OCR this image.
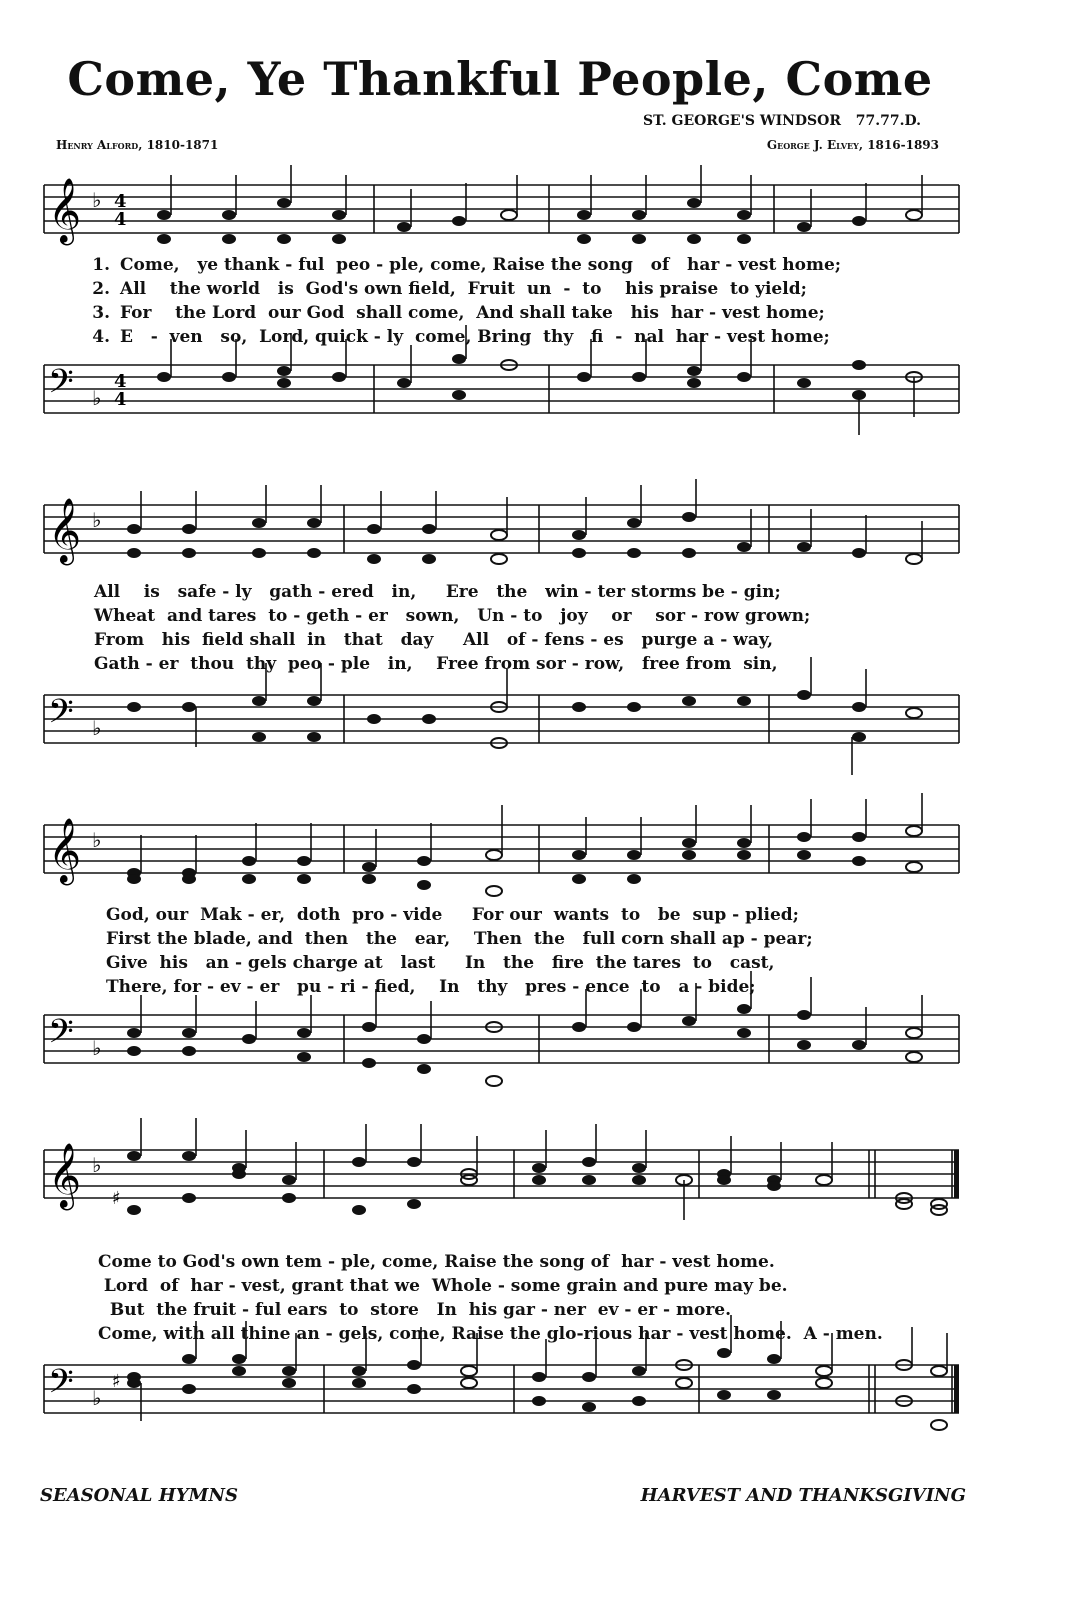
Come, Ye Thankful People, Come
ST. GEORGE'S WINDSOR 77.77.D.
Henry Alford, 1810-1871	George J. Elvey, 1816-1893
𝄞 ♭ 4
4
1. Come,   ye thank - ful  peo - ple, come, Raise the song   of   har - vest home;
2. All    the world   is  God's own field,  Fruit  un  -  to    his praise  to yield;
3. For    the Lord  our God  shall come,  And shall take   his  har - vest home;
4. E   -  ven   so,  Lord, quick - ly  come, Bring  thy   fi  -  nal  har - vest home;
𝄢 ♭
4
4
𝄞 ♭
All    is   safe - ly   gath - ered   in,     Ere   the   win - ter storms be - gin;
Wheat  and tares  to - geth - er   sown,   Un - to   joy    or    sor - row grown;
From   his  field shall  in   that   day     All   of - fens - es   purge a - way,
Gath - er  thou  thy  peo - ple   in,    Free from sor - row,   free from  sin,
𝄢 ♭
𝄞 ♭
God, our  Mak - er,  doth  pro - vide     For our  wants  to   be  sup - plied;
First the blade, and  then   the   ear,    Then  the   full corn shall ap - pear;
Give  his   an - gels charge at   last     In   the   fire  the tares  to   cast,
There, for - ev - er   pu - ri - fied,    In   thy   pres - ence  to   a - bide;
𝄢 ♭
𝄞 ♭
♯
Come to God's own tem - ple, come, Raise the song of  har - vest home.
Lord  of  har - vest, grant that we  Whole - some grain and pure may be.
But  the fruit - ful ears  to  store   In  his gar - ner  ev - er - more.
Come, with all thine an - gels, come, Raise the glo-rious har - vest home.  A - men.
𝄢 ♭
♯
SEASONAL HYMNS	HARVEST AND THANKSGIVING
